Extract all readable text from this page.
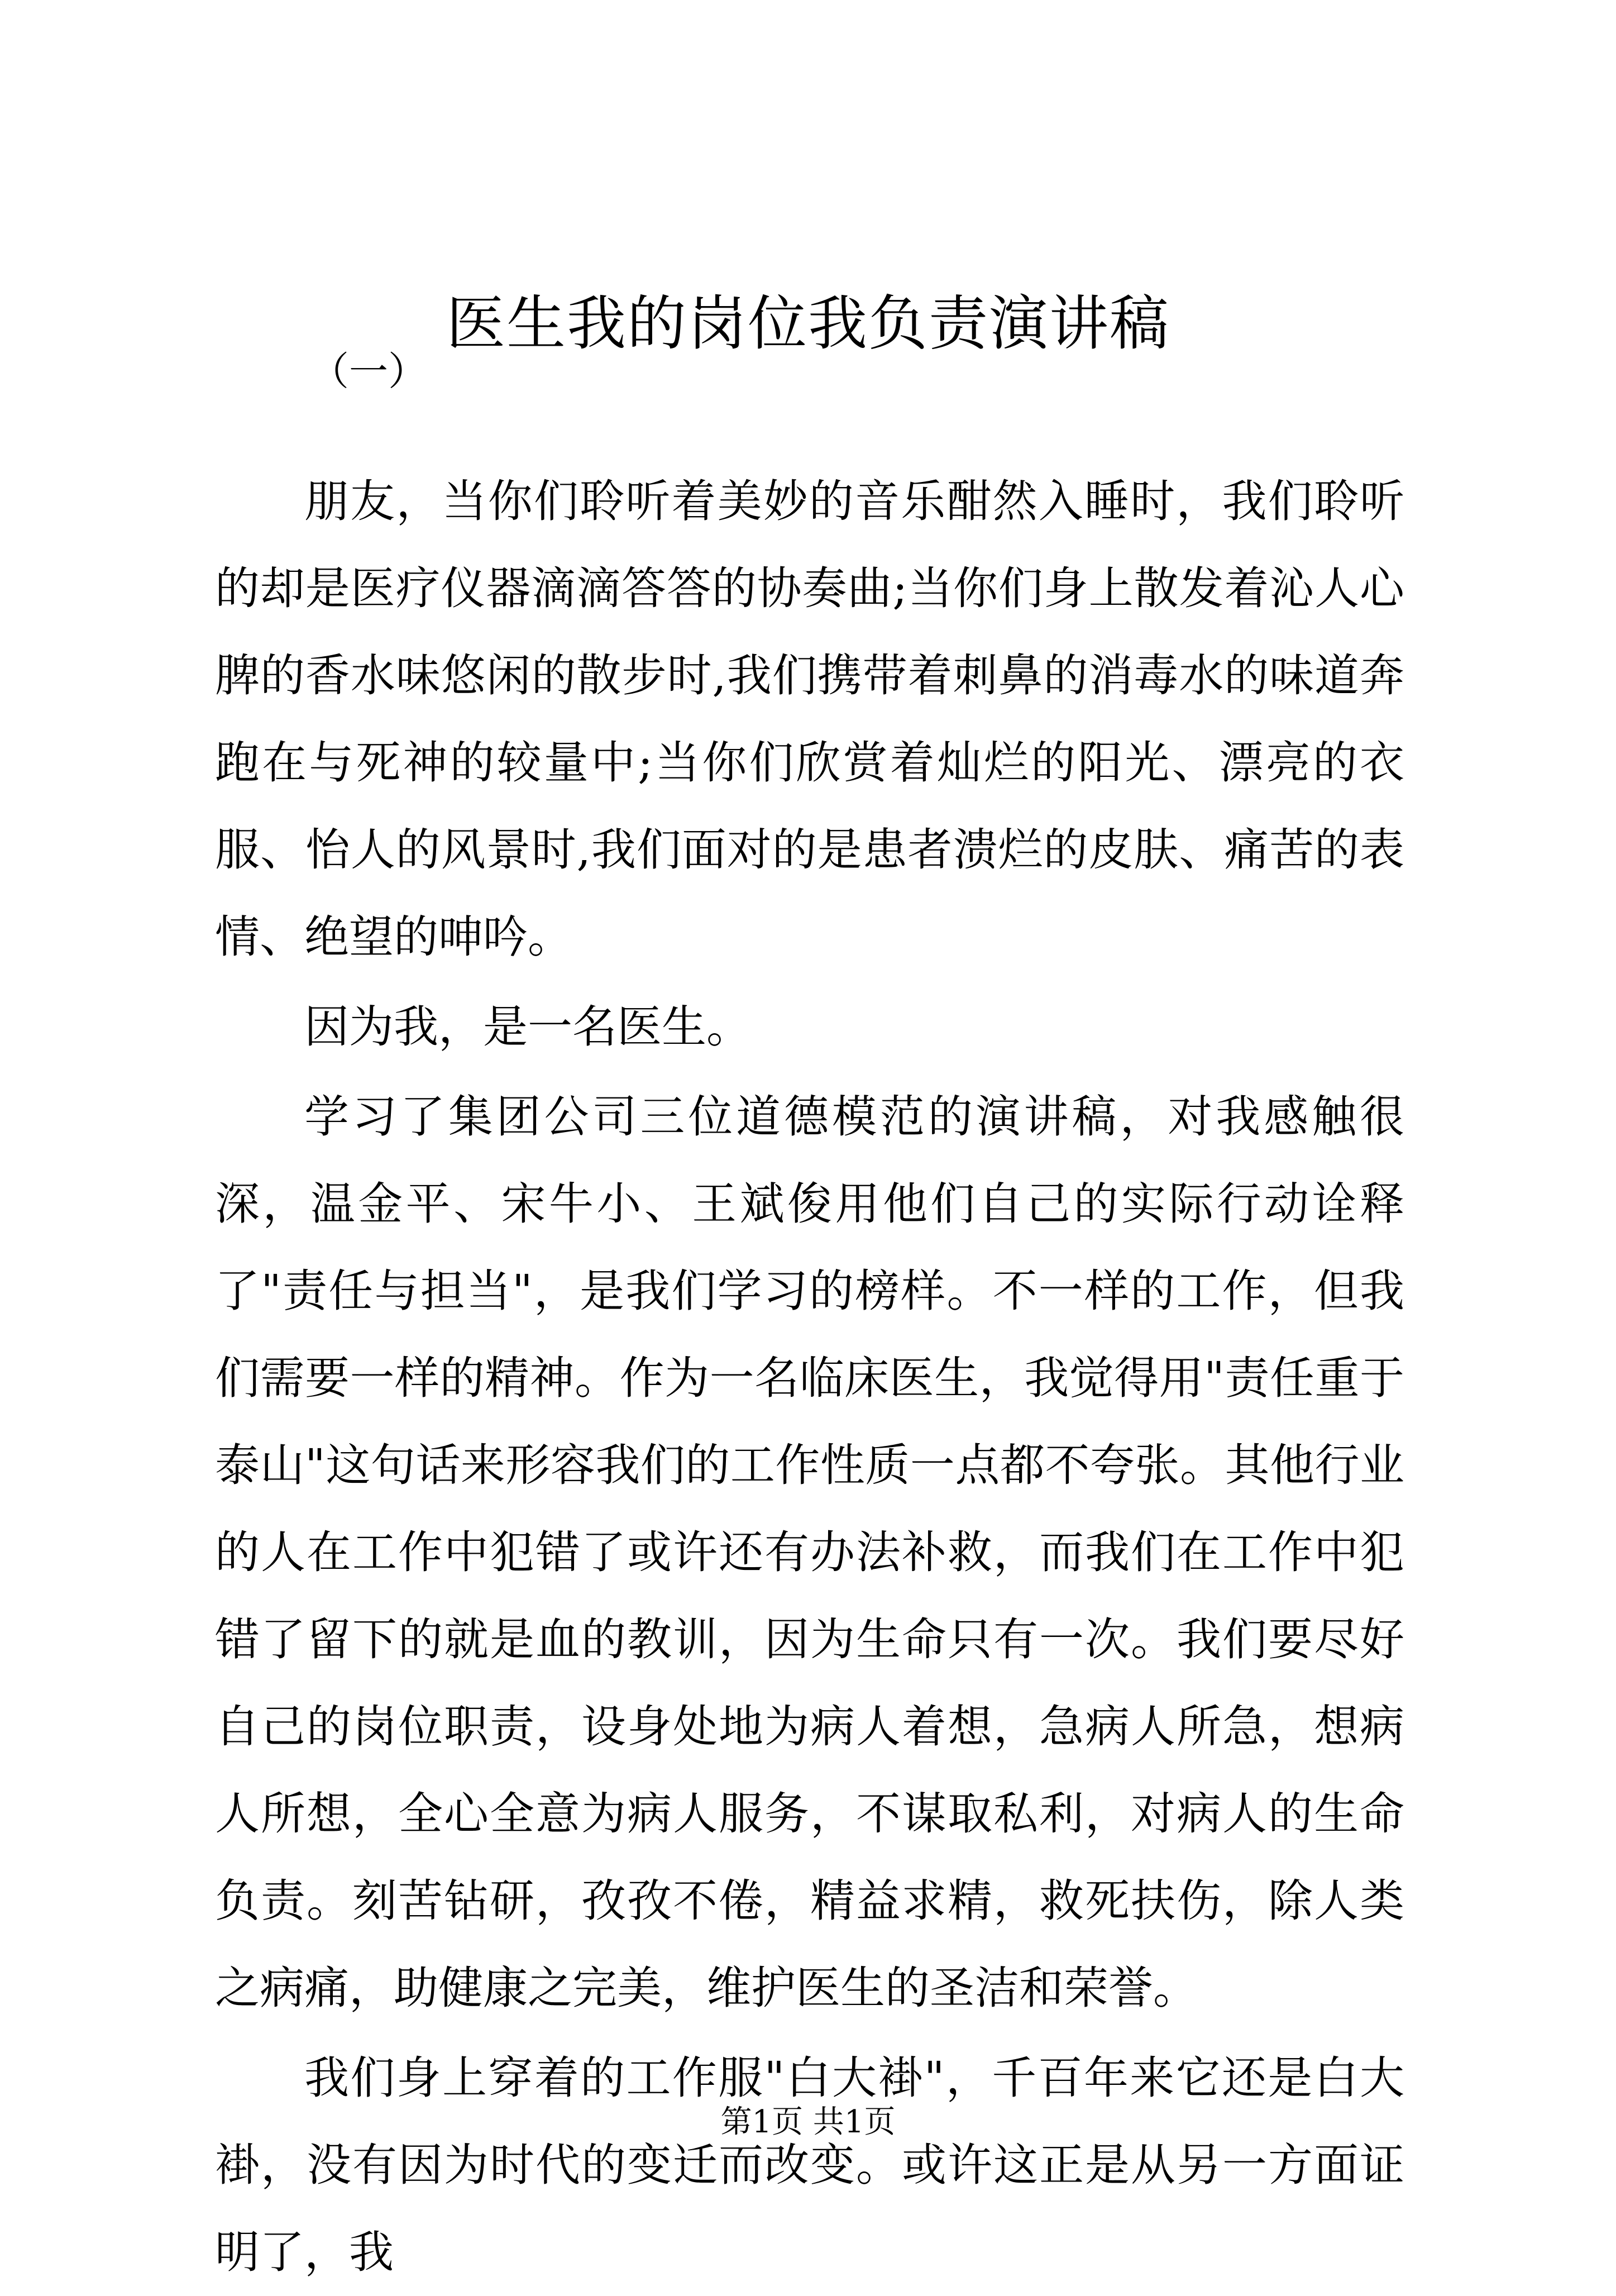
医生我的岗位我负责演讲稿
（一）

朋友，当你们聆听着美妙的音乐酣然入睡时，我们聆听的却是医疗仪器滴滴答答的协奏曲;当你们身上散发着沁人心脾的香水味悠闲的散步时,我们携带着刺鼻的消毒水的味道奔跑在与死神的较量中;当你们欣赏着灿烂的阳光、漂亮的衣服、怡人的风景时,我们面对的是患者溃烂的皮肤、痛苦的表情、绝望的呻吟。

因为我，是一名医生。

学习了集团公司三位道德模范的演讲稿，对我感触很深，温金平、宋牛小、王斌俊用他们自己的实际行动诠释了"责任与担当"，是我们学习的榜样。不一样的工作，但我们需要一样的精神。作为一名临床医生，我觉得用"责任重于泰山"这句话来形容我们的工作性质一点都不夸张。其他行业的人在工作中犯错了或许还有办法补救，而我们在工作中犯错了留下的就是血的教训，因为生命只有一次。我们要尽好自己的岗位职责，设身处地为病人着想，急病人所急，想病人所想，全心全意为病人服务，不谋取私利，对病人的生命负责。刻苦钻研，孜孜不倦，精益求精，救死扶伤，除人类之病痛，助健康之完美，维护医生的圣洁和荣誉。

我们身上穿着的工作服"白大褂"，千百年来它还是白大褂，没有因为时代的变迁而改变。或许这正是从另一方面证明了，我

第1页 共1页
